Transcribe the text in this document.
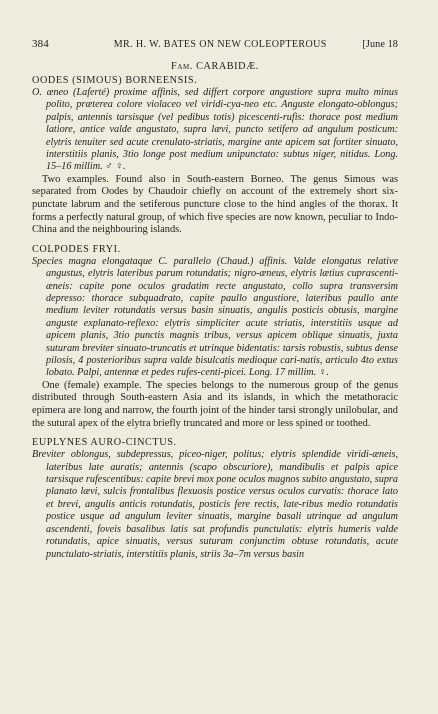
384	MR. H. W. BATES ON NEW COLEOPTEROUS	[June 18
Fam. CARABIDÆ.
OODES (SIMOUS) BORNEENSIS.

O. æneo (Laferté) proxime affinis, sed differt corpore angustiore supra multo minus polito, præterea colore violaceo vel viridi-cya-neo etc. Anguste elongato-oblongus; palpis, antennis tarsisque (vel pedibus totis) picescenti-rufis: thorace post medium latiore, antice valde angustato, supra lævi, puncto setifero ad angulum posticum: elytris tenuiter sed acute crenulato-striatis, margine ante apicem sat fortiter sinuato, interstitiis planis, 3tio longe post medium unipunctato: subtus niger, nitidus. Long. 15–16 millim. ♂ ♀.

Two examples. Found also in South-eastern Borneo. The genus Simous was separated from Oodes by Chaudoir chiefly on account of the extremely short six-punctate labrum and the setiferous puncture close to the hind angles of the thorax. It forms a perfectly natural group, of which five species are now known, peculiar to Indo-China and the neighbouring islands.

COLPODES FRYI.

Species magna elongataque C. parallelo (Chaud.) affinis. Valde elongatus relative angustus, elytris lateribus parum rotundatis; nigro-æneus, elytris lætius cuprascenti-æneis: capite pone oculos gradatim recte angustato, collo supra transversim depresso: thorace subquadrato, capite paullo angustiore, lateribus paullo ante medium leviter rotundatis versus basin sinuatis, angulis posticis obtusis, margine anguste explanato-reflexo: elytris simpliciter acute striatis, interstitiis usque ad apicem planis, 3tio punctis magnis tribus, versus apicem oblique sinuatis, juxta suturam breviter sinuato-truncatis et utrinque bidentatis: tarsis robustis, subtus dense pilosis, 4 posterioribus supra valde bisulcatis medioque cari-natis, articulo 4to extus lobato. Palpi, antennæ et pedes rufes-centi-picei. Long. 17 millim. ♀.

One (female) example. The species belongs to the numerous group of the genus distributed through South-eastern Asia and its islands, in which the metathoracic epimera are long and narrow, the fourth joint of the hinder tarsi strongly unilobular, and the sutural apex of the elytra briefly truncated and more or less spined or toothed.

EUPLYNES AURO-CINCTUS.

Breviter oblongus, subdepressus, piceo-niger, politus; elytris splendide viridi-æneis, lateribus late auratis; antennis (scapo obscuriore), mandibulis et palpis apice tarsisque rufescentibus: capite brevi mox pone oculos magnos subito angustato, supra planato lævi, sulcis frontalibus flexuosis postice versus oculos curvatis: thorace lato et brevi, angulis anticis rotundatis, posticis fere rectis, late-ribus medio rotundatis postice usque ad angulum leviter sinuatis, margine basali utrinque ad angulum ascendenti, foveis basalibus latis sat profundis punctulatis: elytris humeris valde rotundatis, apice sinuatis, versus suturam conjunctim obtuse rotundatis, acute punctulato-striatis, interstitiis planis, striis 3a–7m versus basin
